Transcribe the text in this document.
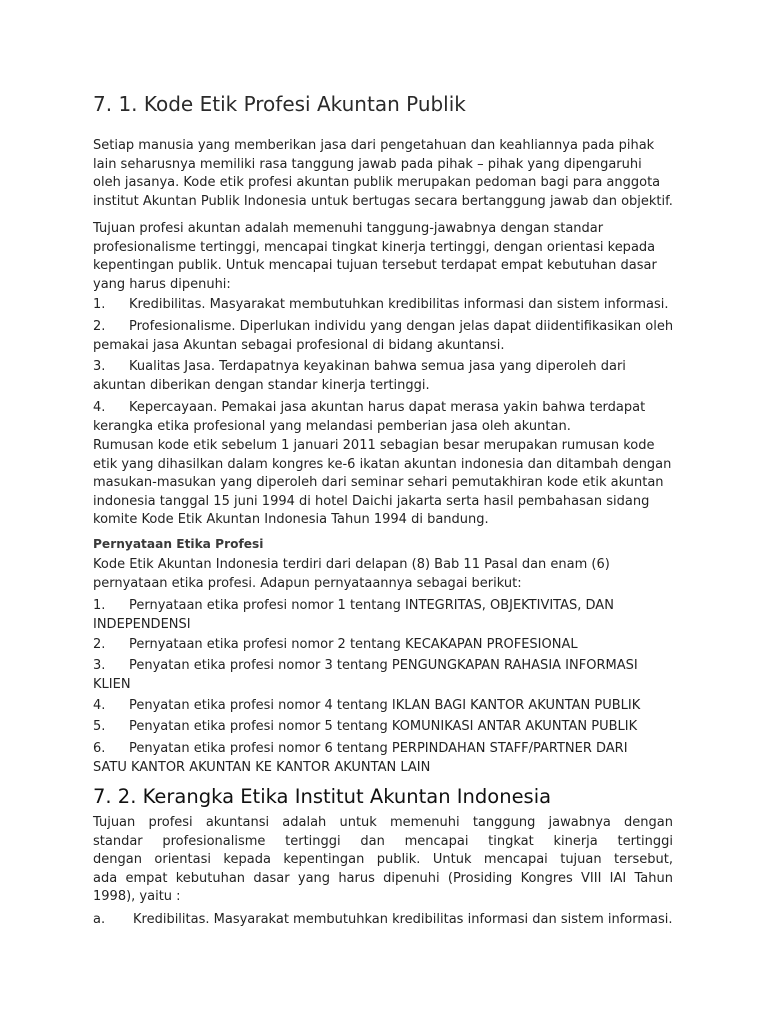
7. 1. Kode Etik Profesi Akuntan Publik

Setiap manusia yang memberikan jasa dari pengetahuan dan keahliannya pada pihak
lain seharusnya memiliki rasa tanggung jawab pada pihak – pihak yang dipengaruhi
oleh jasanya. Kode etik profesi akuntan publik merupakan pedoman bagi para anggota
institut Akuntan Publik Indonesia untuk bertugas secara bertanggung jawab dan objektif.

Tujuan profesi akuntan adalah memenuhi tanggung-jawabnya dengan standar
profesionalisme tertinggi, mencapai tingkat kinerja tertinggi, dengan orientasi kepada
kepentingan publik. Untuk mencapai tujuan tersebut terdapat empat kebutuhan dasar
yang harus dipenuhi:

1. Kredibilitas. Masyarakat membutuhkan kredibilitas informasi dan sistem informasi.

2. Profesionalisme. Diperlukan individu yang dengan jelas dapat diidentifikasikan oleh
pemakai jasa Akuntan sebagai profesional di bidang akuntansi.

3. Kualitas Jasa. Terdapatnya keyakinan bahwa semua jasa yang diperoleh dari
akuntan diberikan dengan standar kinerja tertinggi.

4. Kepercayaan. Pemakai jasa akuntan harus dapat merasa yakin bahwa terdapat
kerangka etika profesional yang melandasi pemberian jasa oleh akuntan.

Rumusan kode etik sebelum 1 januari 2011 sebagian besar merupakan rumusan kode
etik yang dihasilkan dalam kongres ke-6 ikatan akuntan indonesia dan ditambah dengan
masukan-masukan yang diperoleh dari seminar sehari pemutakhiran kode etik akuntan
indonesia tanggal 15 juni 1994 di hotel Daichi jakarta serta hasil pembahasan sidang
komite Kode Etik Akuntan Indonesia Tahun 1994 di bandung.

Pernyataan Etika Profesi

Kode Etik Akuntan Indonesia terdiri dari delapan (8) Bab 11 Pasal dan enam (6)
pernyataan etika profesi. Adapun pernyataannya sebagai berikut:

1. Pernyataan etika profesi nomor 1 tentang INTEGRITAS, OBJEKTIVITAS, DAN
INDEPENDENSI

2. Pernyataan etika profesi nomor 2 tentang KECAKAPAN PROFESIONAL

3. Penyatan etika profesi nomor 3 tentang PENGUNGKAPAN RAHASIA INFORMASI
KLIEN

4. Penyatan etika profesi nomor 4 tentang IKLAN BAGI KANTOR AKUNTAN PUBLIK

5. Penyatan etika profesi nomor 5 tentang KOMUNIKASI ANTAR AKUNTAN PUBLIK

6. Penyatan etika profesi nomor 6 tentang PERPINDAHAN STAFF/PARTNER DARI
SATU KANTOR AKUNTAN KE KANTOR AKUNTAN LAIN

7. 2. Kerangka Etika Institut Akuntan Indonesia

Tujuan profesi akuntansi adalah untuk memenuhi tanggung jawabnya dengan
standar profesionalisme tertinggi dan mencapai tingkat kinerja tertinggi
dengan orientasi kepada kepentingan publik. Untuk mencapai tujuan tersebut,
ada empat kebutuhan dasar yang harus dipenuhi (Prosiding Kongres VIII IAI Tahun
1998), yaitu :

a. Kredibilitas. Masyarakat membutuhkan kredibilitas informasi dan sistem informasi.
